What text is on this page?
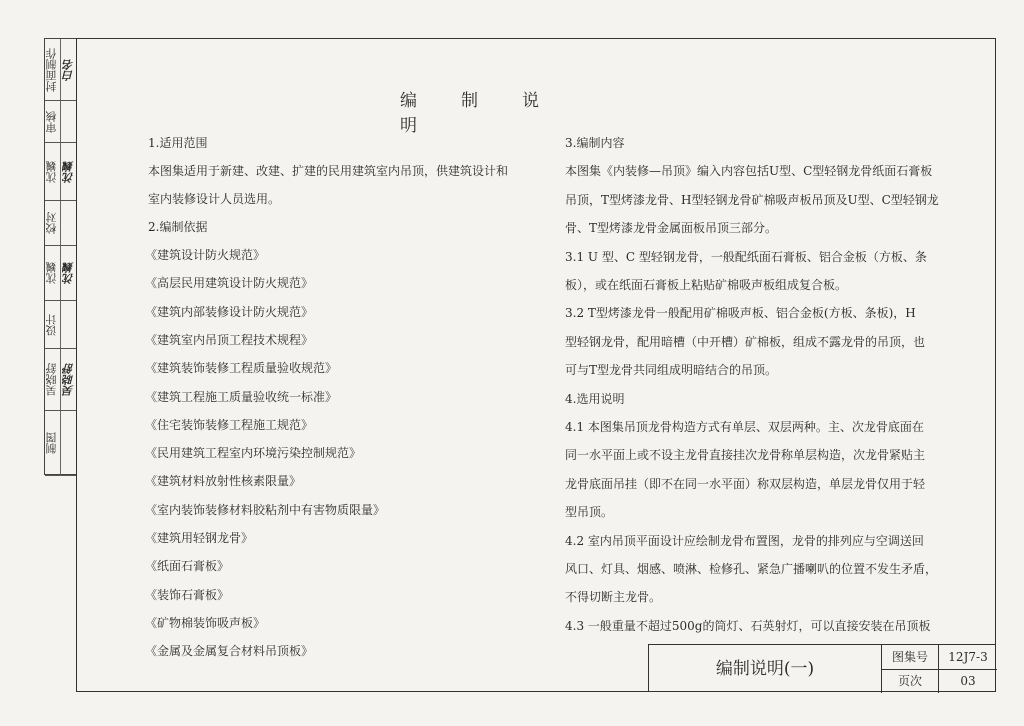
封面制作 白名
审核
沈巍 沈巍
校对
沈巍 沈巍
设计
吴晓舒 吴晓舒
制图
编制说明
1.适用范围
本图集适用于新建、改建、扩建的民用建筑室内吊顶，供建筑设计和
室内装修设计人员选用。
2.编制依据
《建筑设计防火规范》
《高层民用建筑设计防火规范》
《建筑内部装修设计防火规范》
《建筑室内吊顶工程技术规程》
《建筑装饰装修工程质量验收规范》
《建筑工程施工质量验收统一标准》
《住宅装饰装修工程施工规范》
《民用建筑工程室内环境污染控制规范》
《建筑材料放射性核素限量》
《室内装饰装修材料胶粘剂中有害物质限量》
《建筑用轻钢龙骨》
《纸面石膏板》
《装饰石膏板》
《矿物棉装饰吸声板》
《金属及金属复合材料吊顶板》
3.编制内容
本图集《内装修—吊顶》编入内容包括U型、C型轻钢龙骨纸面石膏板
吊顶，T型烤漆龙骨、H型轻钢龙骨矿棉吸声板吊顶及U型、C型轻钢龙
骨、T型烤漆龙骨金属面板吊顶三部分。
3.1 U 型、C 型轻钢龙骨，一般配纸面石膏板、铝合金板（方板、条
板），或在纸面石膏板上粘贴矿棉吸声板组成复合板。
3.2 T型烤漆龙骨一般配用矿棉吸声板、铝合金板(方板、条板)，H
型轻钢龙骨，配用暗槽（中开槽）矿棉板，组成不露龙骨的吊顶，也
可与T型龙骨共同组成明暗结合的吊顶。
4.选用说明
4.1 本图集吊顶龙骨构造方式有单层、双层两种。主、次龙骨底面在
同一水平面上或不设主龙骨直接挂次龙骨称单层构造，次龙骨紧贴主
龙骨底面吊挂（即不在同一水平面）称双层构造，单层龙骨仅用于轻
型吊顶。
4.2 室内吊顶平面设计应绘制龙骨布置图，龙骨的排列应与空调送回
风口、灯具、烟感、喷淋、检修孔、紧急广播喇叭的位置不发生矛盾，
不得切断主龙骨。
4.3 一般重量不超过500g的筒灯、石英射灯，可以直接安装在吊顶板
编制说明(一)
图集号	12J7-3
页次	03
